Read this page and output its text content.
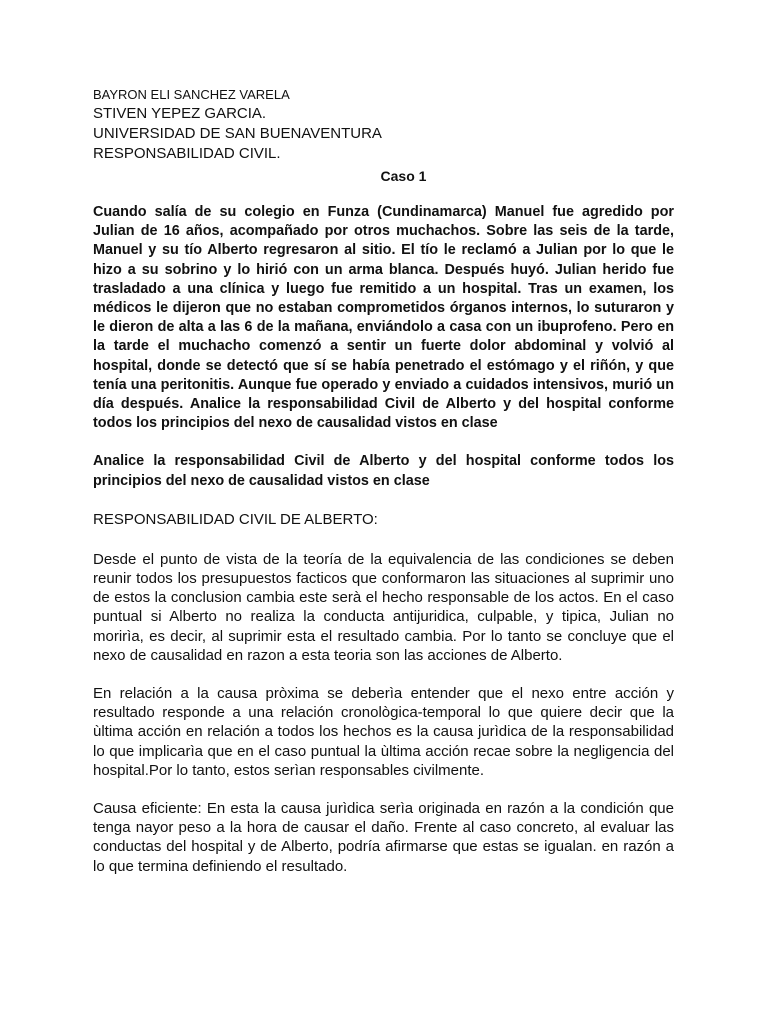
BAYRON ELI SANCHEZ VARELA

STIVEN YEPEZ GARCIA.

UNIVERSIDAD DE SAN BUENAVENTURA

RESPONSABILIDAD CIVIL.

Caso 1

Cuando salía de su colegio en Funza (Cundinamarca) Manuel fue agredido por Julian de 16 años, acompañado por otros muchachos. Sobre las seis de la tarde, Manuel y su tío Alberto regresaron al sitio. El tío le reclamó a Julian por lo que le hizo a su sobrino y lo hirió con un arma blanca. Después huyó. Julian herido fue trasladado a una clínica y luego fue remitido a un hospital. Tras un examen, los médicos le dijeron que no estaban comprometidos órganos internos, lo suturaron y le dieron de alta a las 6 de la mañana, enviándolo a casa con un ibuprofeno. Pero en la tarde el muchacho comenzó a sentir un fuerte dolor abdominal y volvió al hospital, donde se detectó que sí se había penetrado el estómago y el riñón, y que tenía una peritonitis. Aunque fue operado y enviado a cuidados intensivos, murió un día después. Analice la responsabilidad Civil de Alberto y del hospital conforme todos los principios del nexo de causalidad vistos en clase

Analice la responsabilidad Civil de Alberto y del hospital conforme todos los principios del nexo de causalidad vistos en clase

RESPONSABILIDAD CIVIL DE ALBERTO:

Desde el punto de vista de la teoría de la equivalencia de las condiciones se deben reunir todos los presupuestos facticos que conformaron las situaciones al suprimir uno de estos la conclusion cambia este serà el hecho responsable de los actos. En el caso puntual si Alberto no realiza la conducta antijuridica, culpable, y tipica, Julian no morirìa, es decir, al suprimir esta el resultado cambia. Por lo tanto se concluye que el nexo de causalidad en razon a esta teoria son las acciones de Alberto.

En relación a la causa pròxima se deberìa entender que el nexo entre acción y resultado responde a una relación cronològica-temporal lo que quiere decir que la ùltima acción en relación a todos los hechos es la causa jurìdica de la responsabilidad lo que implicarìa que en el caso puntual la ùltima acción recae sobre la negligencia del hospital.Por lo tanto, estos serìan responsables civilmente.

Causa eficiente: En esta la causa jurìdica serìa originada en razón a la condición que tenga nayor peso a la hora de causar el daño. Frente al caso concreto, al evaluar las conductas del hospital y de Alberto, podría afirmarse que estas se igualan. en razón a lo que termina definiendo el resultado.
